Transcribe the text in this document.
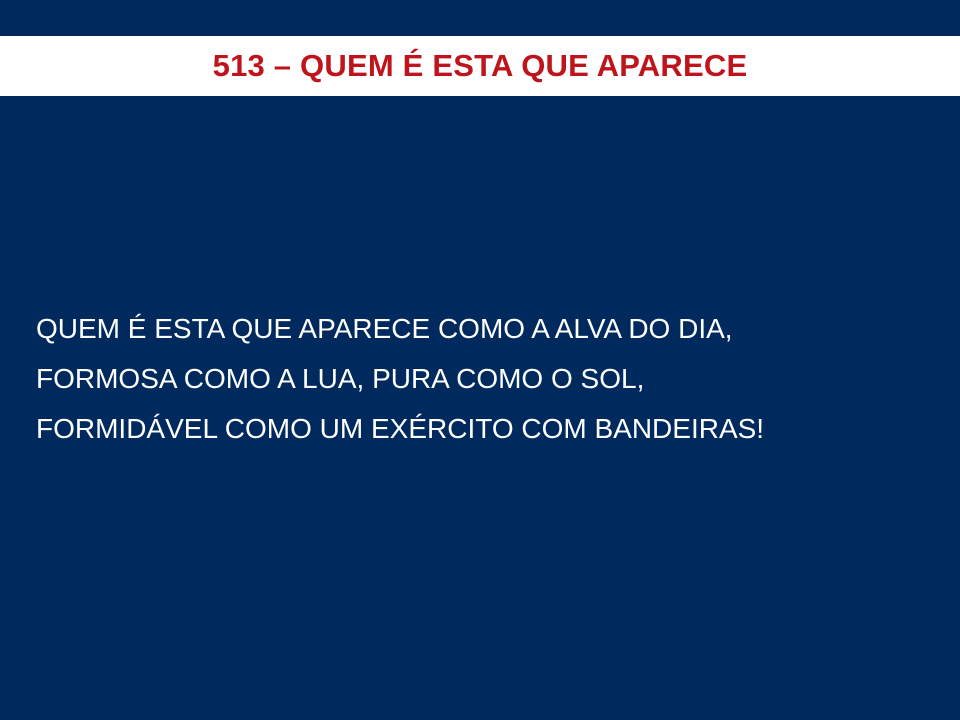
513 – QUEM É ESTA QUE APARECE
QUEM É ESTA QUE APARECE COMO A ALVA DO DIA,
FORMOSA COMO A LUA, PURA COMO O SOL,
FORMIDÁVEL COMO UM EXÉRCITO COM BANDEIRAS!
